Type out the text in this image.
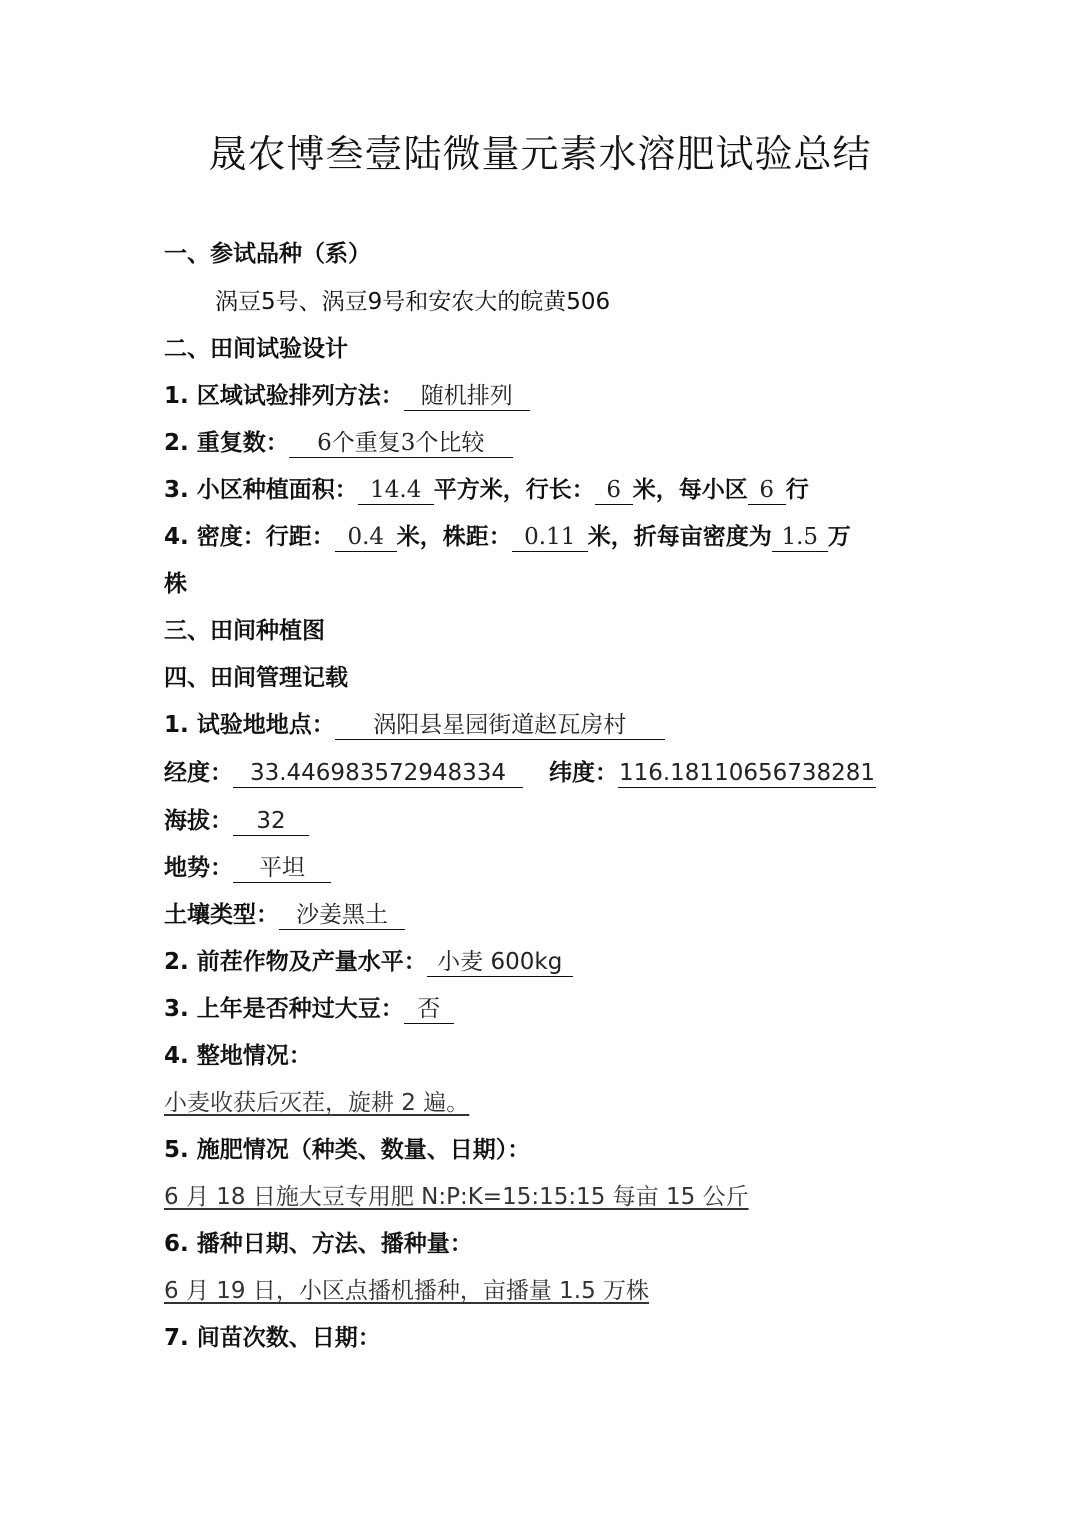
晟农博叁壹陆微量元素水溶肥试验总结
一、参试品种（系）
涡豆5号、涡豆9号和安农大的皖黄506
二、田间试验设计
1. 区域试验排列方法： 随机排列
2. 重复数： 6个重复3个比较
3. 小区种植面积： 14.4 平方米，行长： 6 米，每小区 6 行
4. 密度：行距： 0.4 米，株距： 0.11 米，折每亩密度为 1.5 万
株
三、田间种植图
四、田间管理记载
1. 试验地地点： 涡阳县星园街道赵瓦房村
经度： 33.446983572948334 纬度：116.18110656738281
海拔： 32
地势： 平坦
土壤类型： 沙姜黑土
2. 前茬作物及产量水平： 小麦 600kg
3. 上年是否种过大豆： 否
4. 整地情况：
小麦收获后灭茬，旋耕 2 遍。
5. 施肥情况（种类、数量、日期）：
6 月 18 日施大豆专用肥 N:P:K=15:15:15 每亩 15 公斤
6. 播种日期、方法、播种量：
6 月 19 日，小区点播机播种，亩播量 1.5 万株
7. 间苗次数、日期：
